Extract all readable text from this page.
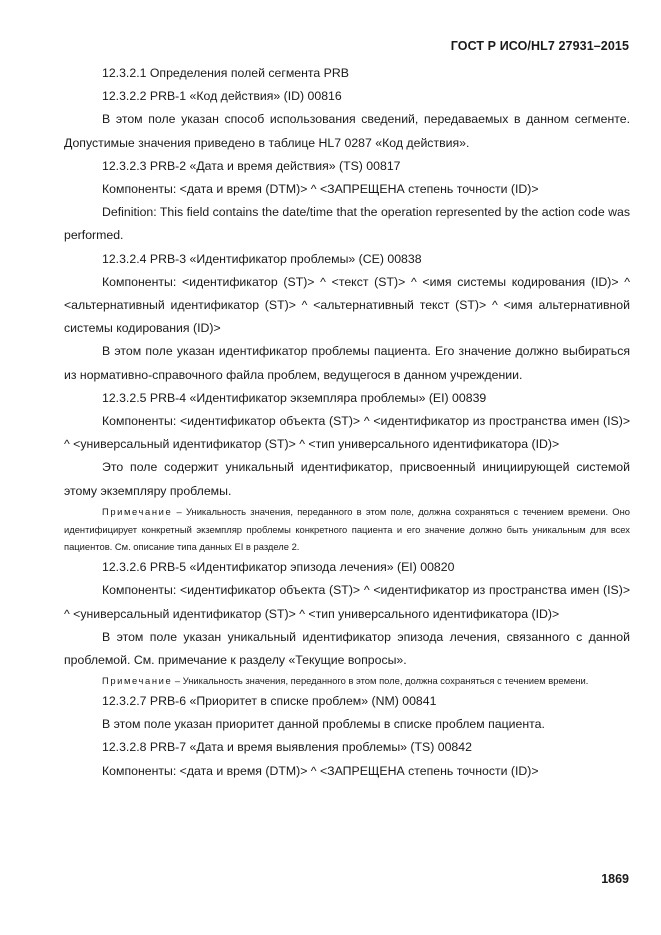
ГОСТ Р ИСО/HL7 27931–2015

12.3.2.1 Определения полей сегмента PRB

12.3.2.2 PRB-1 «Код действия» (ID) 00816

В этом поле указан способ использования сведений, передаваемых в данном сегменте. Допустимые значения приведено в таблице HL7 0287 «Код действия».

12.3.2.3 PRB-2 «Дата и время действия» (TS) 00817

Компоненты: <дата и время (DTM)> ^ <ЗАПРЕЩЕНА степень точности (ID)>

Definition: This field contains the date/time that the operation represented by the action code was performed.

12.3.2.4 PRB-3 «Идентификатор проблемы» (CE) 00838

Компоненты: <идентификатор (ST)> ^ <текст (ST)> ^ <имя системы кодирования (ID)> ^ <альтернативный идентификатор (ST)> ^ <альтернативный текст (ST)> ^ <имя альтернативной системы кодирования (ID)>

В этом поле указан идентификатор проблемы пациента. Его значение должно выбираться из нормативно-справочного файла проблем, ведущегося в данном учреждении.

12.3.2.5 PRB-4 «Идентификатор экземпляра проблемы» (EI) 00839

Компоненты: <идентификатор объекта (ST)> ^ <идентификатор из пространства имен (IS)> ^ <универсальный идентификатор (ST)> ^ <тип универсального идентификатора (ID)>

Это поле содержит уникальный идентификатор, присвоенный инициирующей системой этому экземпляру проблемы.

Примечание – Уникальность значения, переданного в этом поле, должна сохраняться с течением времени. Оно идентифицирует конкретный экземпляр проблемы конкретного пациента и его значение должно быть уникальным для всех пациентов. См. описание типа данных EI в разделе 2.

12.3.2.6 PRB-5 «Идентификатор эпизода лечения» (EI) 00820

Компоненты: <идентификатор объекта (ST)> ^ <идентификатор из пространства имен (IS)> ^ <универсальный идентификатор (ST)> ^ <тип универсального идентификатора (ID)>

В этом поле указан уникальный идентификатор эпизода лечения, связанного с данной проблемой. См. примечание к разделу «Текущие вопросы».

Примечание – Уникальность значения, переданного в этом поле, должна сохраняться с течением времени.

12.3.2.7 PRB-6 «Приоритет в списке проблем» (NM) 00841

В этом поле указан приоритет данной проблемы в списке проблем пациента.

12.3.2.8 PRB-7 «Дата и время выявления проблемы» (TS) 00842

Компоненты: <дата и время (DTM)> ^ <ЗАПРЕЩЕНА степень точности (ID)>

1869
